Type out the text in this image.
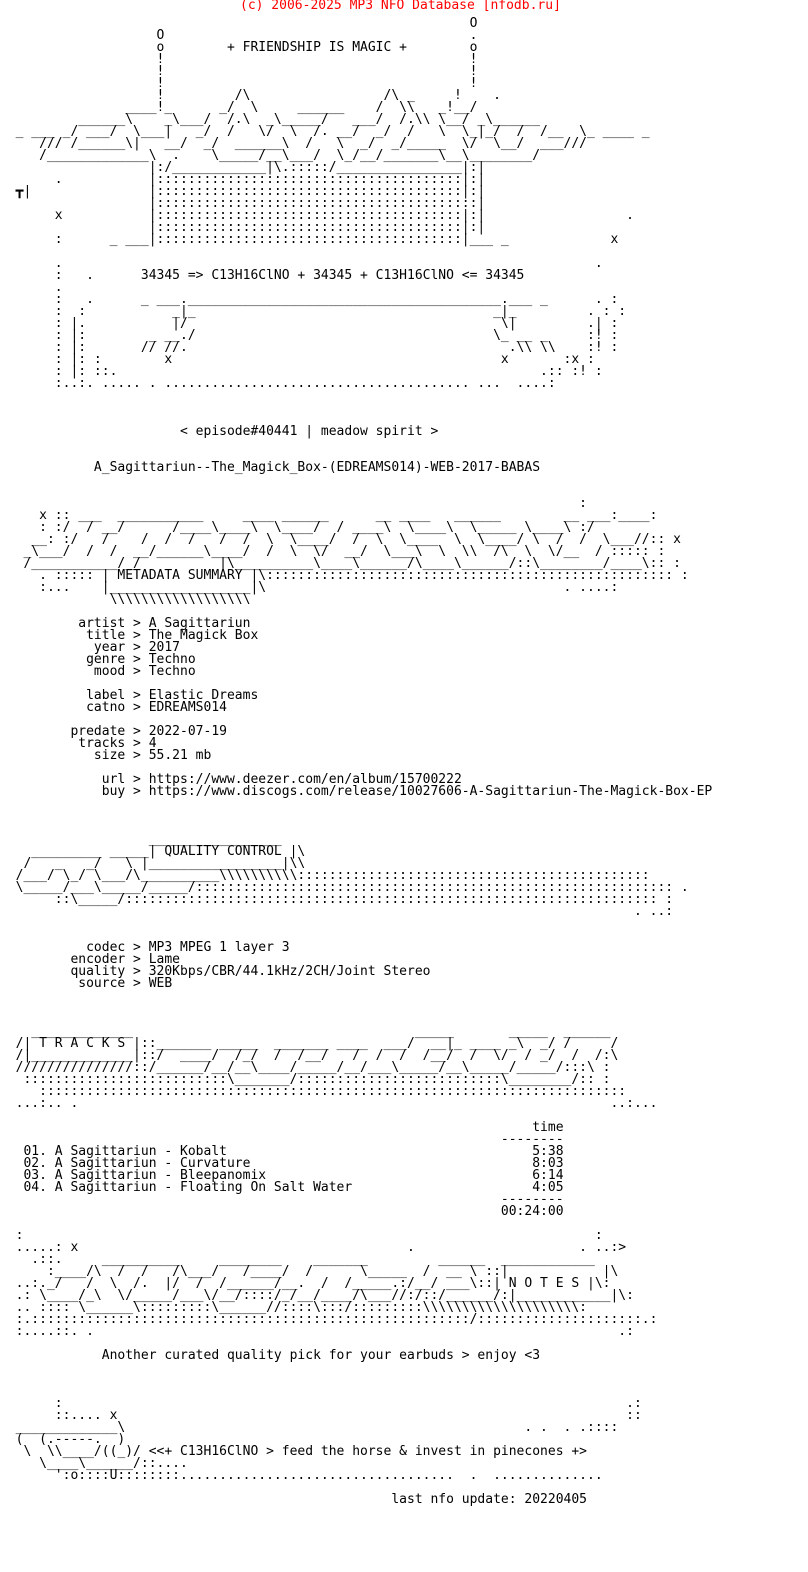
(c) 2006-2025 MP3 NFO Database [nfodb.ru]
O
O                                       .
o        + FRIENDSHIP IS MAGIC +        o
!                                       !
!                                       !
!                                       !
!         /\                 /\ _     !    .
____!_      _/  \     ______    /  \\   _!__/
______\    _\___/  /.\  _\_____/   ___/  /.\\ \__/ _\______
_ ___ _/ ___/  \___|   _/  /   \/  \  /. __/  _/  /   \  \_|_/  /  /__  \_ ____ _
/// /______\|   __/  _/  ______\  /   \  _/  _/_____  \/  \__/  ___///
/_____________\  .    \_____/__\___/  \_/__/_______\__\________/
|:/____________|\.:::::/________________|:|
.           |:::::::::::::::::::::::::::::::::::::::|:|
┳|               |:::::::::::::::::::::::::::::::::::::::|:|
|:::::::::::::::::::::::::::::::::::::::::|
x           |:::::::::::::::::::::::::::::::::::::::|:|                  .
|:::::::::::::::::::::::::::::::::::::::|:|
:      _ ___|:::::::::::::::::::::::::::::::::::::::|___ _             x
.                                                                    .
:   .      34345 => C13H16ClNO + 34345 + C13H16ClNO <= 34345
.
:   .      _ ___.________________________________________.___ _      . :
:  :           _|_                                      _|_         . : :
: |.           |/                                        \|         .| :
: |:        _ __./                                      \_ __ _     :! :
: |:       // //.                                         .\\ \\    :! :
: |: :        x                                          x       :x :
: |: ::.                                                      .:: :! :
:..:. ..... . ....................................... ...  ....:
< episode#40441 | meadow spirit >
A_Sagittariun--The_Magick_Box-(EDREAMS014)-WEB-2017-BABAS
:
x :: ___  ___________     ____ ______      __ ____   ______        __ ___:____:
: :/  / __/      /____\____\  \____/  / ____\  \____\  \_____ \____\ :/
__: :/   /    /  /  /   /  /  \  \____/  /  \  \____  \  \____/ \  /  /  \___//:: x
_\___/  /  /  __/______\____/  /  \  \/  __/  \___\  \  \\  /\  \  \/__  / ::::: :
/___________/_/          |\__________\____\______/\____\______/::\________/____\:: :
. ::::: | METADATA SUMMARY |\:::::::::::::::::::::::::::::::::::::::::::::::::::: :
:...    |__________________|\                                      . ....:
\\\\\\\\\\\\\\\\\\
artist > A Sagittariun
title > The Magick Box
year > 2017
genre > Techno
mood > Techno
label > Elastic Dreams
catno > EDREAMS014
predate > 2022-07-19
tracks > 4
size > 55.21 mb
url > https://www.deezer.com/en/album/15700222
buy > https://www.discogs.com/release/10027606-A-Sagittariun-The-Magick-Box-EP
_________________
_________ _____| QUALITY CONTROL |\
/   _   _/   \ |_________________|\\
/___/ \_/ \___/\__________\\\\\\\\\\:::::::::::::::::::::::::::::::::::::::::::::
\_____/___\_____/_____/::::::::::::::::::::::::::::::::::::::::::::::::::::::::::::: .
::\_____/:::::::::::::::::::::::::::::::::::::::::::::::::::::::::::::::::::: :
. ..:
codec > MP3 MPEG 1 layer 3
encoder > Lame
quality > 320Kbps/CBR/44.1kHz/2CH/Joint Stereo
source > WEB
_____________                                    _____       _____  ______
/| T R A C K S |::_______ _____  _______ ____  ___/  __|_ ____ _\  _/ /     /
/|_____________|::/  ____/  /_/  /  /__/   /  /  /  /__/  /  \/  / _/  /  /:\
///////////////::/______/__/__\____/_____/__/___\_____/__\_____/_____/:::\ :
::::::::::::::::::::::::::\_______/::::::::::::::::::::::::::\________/:: :
:::::::::::::::::::::::::::::::::::::::::::::::::::::::::::::::::::::::::::
...:.. .                                                                    ..:...
time
--------
01. A Sagittariun - Kobalt                                       5:38
02. A Sagittariun - Curvature                                    8:03
03. A Sagittariun - Bleepanomix                                  6:14
04. A Sagittariun - Floating On Salt Water                       4:05
--------
00:24:00
:                                                                         :
.....: x                                          .                     . ..:>
.::.     __________     ________    _______         ______  ____________
:____/\  /  /   /\___/   /____/  /      \_____  /  __ \ ::|            |\
..:._/   /  \  /.  |/  /  /______/__.  /  /_____.:/__/ ___\::| N O T E S |\:
.: \____/_\  \/_____/___\/__/::::/_/__/____/\___//:/::/______/:|____________|\:
.. :::: \______\:::::::::\______//::::\:::/:::::::::\\\\\\\\\\\\\\\\\\\\:
:.::::::::::::::::::::::::::::::::::::::::::::::::::::::::/:::::::::::::::::::::.:
:....::. .                                                                   .:
Another curated quality pick for your earbuds > enjoy <3
:                                                                        .:
::.... x                                                                 ::
_____________\                                                   . .  . .::::
(  (.-----.  )
\  \\____/((_)/ <<+ C13H16ClNO > feed the horse & invest in pinecones +>
\____\______/::....
':o::::U::::::::...................................  .  ..............
last nfo update: 20220405
